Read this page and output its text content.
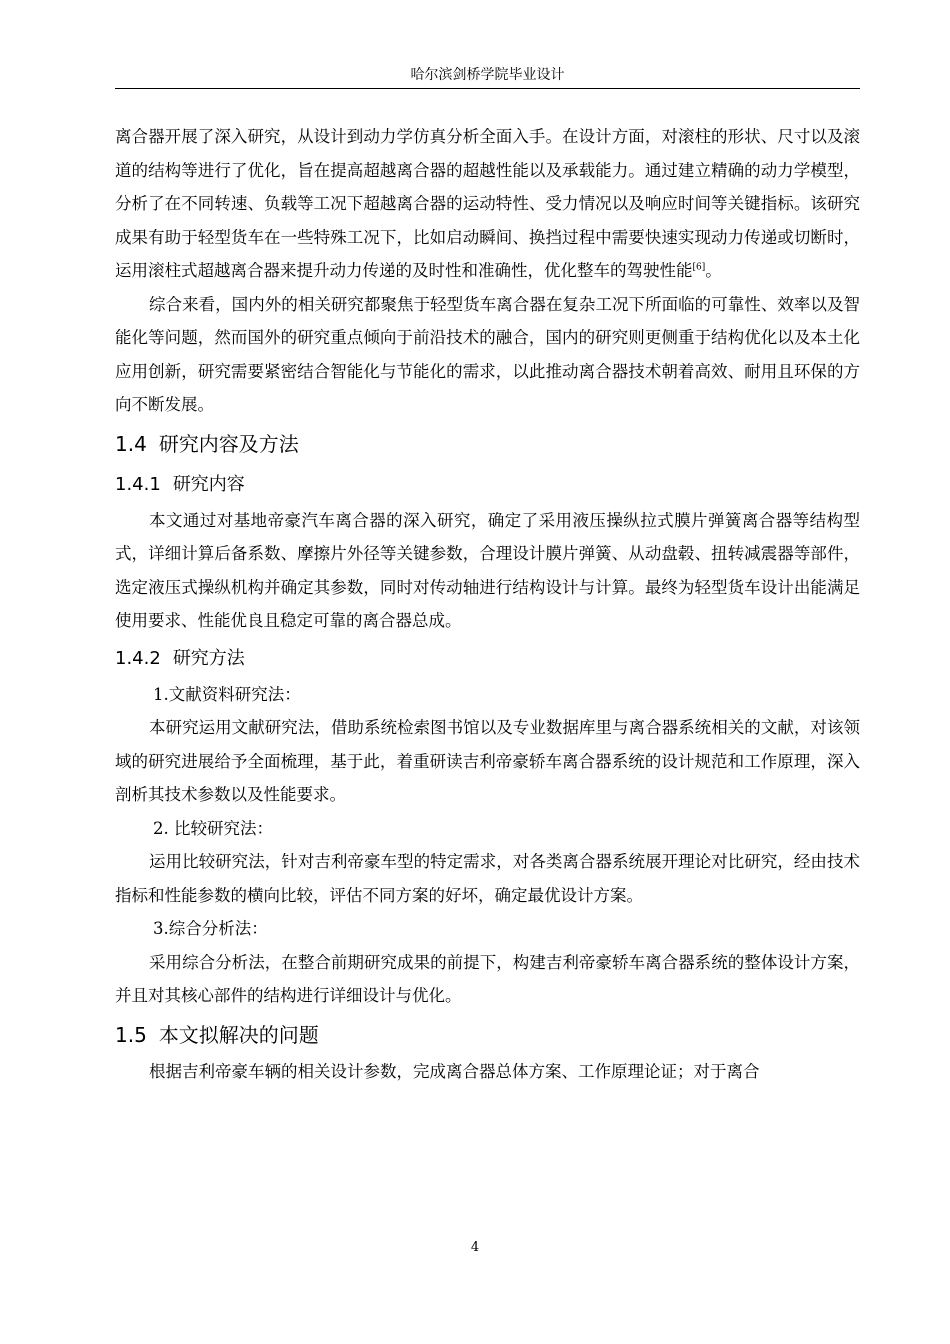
哈尔滨剑桥学院毕业设计

离合器开展了深入研究，从设计到动力学仿真分析全面入手。在设计方面，对滚柱的形状、尺寸以及滚道的结构等进行了优化，旨在提高超越离合器的超越性能以及承载能力。通过建立精确的动力学模型，分析了在不同转速、负载等工况下超越离合器的运动特性、受力情况以及响应时间等关键指标。该研究成果有助于轻型货车在一些特殊工况下，比如启动瞬间、换挡过程中需要快速实现动力传递或切断时，运用滚柱式超越离合器来提升动力传递的及时性和准确性，优化整车的驾驶性能[6]。

综合来看，国内外的相关研究都聚焦于轻型货车离合器在复杂工况下所面临的可靠性、效率以及智能化等问题，然而国外的研究重点倾向于前沿技术的融合，国内的研究则更侧重于结构优化以及本土化应用创新，研究需要紧密结合智能化与节能化的需求，以此推动离合器技术朝着高效、耐用且环保的方向不断发展。

1.4 研究内容及方法
1.4.1 研究内容

本文通过对基地帝豪汽车离合器的深入研究，确定了采用液压操纵拉式膜片弹簧离合器等结构型式，详细计算后备系数、摩擦片外径等关键参数，合理设计膜片弹簧、从动盘毂、扭转减震器等部件，选定液压式操纵机构并确定其参数，同时对传动轴进行结构设计与计算。最终为轻型货车设计出能满足使用要求、性能优良且稳定可靠的离合器总成。

1.4.2 研究方法

1.文献资料研究法：

本研究运用文献研究法，借助系统检索图书馆以及专业数据库里与离合器系统相关的文献，对该领域的研究进展给予全面梳理，基于此，着重研读吉利帝豪轿车离合器系统的设计规范和工作原理，深入剖析其技术参数以及性能要求。

2. 比较研究法：

运用比较研究法，针对吉利帝豪车型的特定需求，对各类离合器系统展开理论对比研究，经由技术指标和性能参数的横向比较，评估不同方案的好坏，确定最优设计方案。

3.综合分析法：

采用综合分析法，在整合前期研究成果的前提下，构建吉利帝豪轿车离合器系统的整体设计方案，并且对其核心部件的结构进行详细设计与优化。

1.5 本文拟解决的问题

根据吉利帝豪车辆的相关设计参数，完成离合器总体方案、工作原理论证；对于离合

4
